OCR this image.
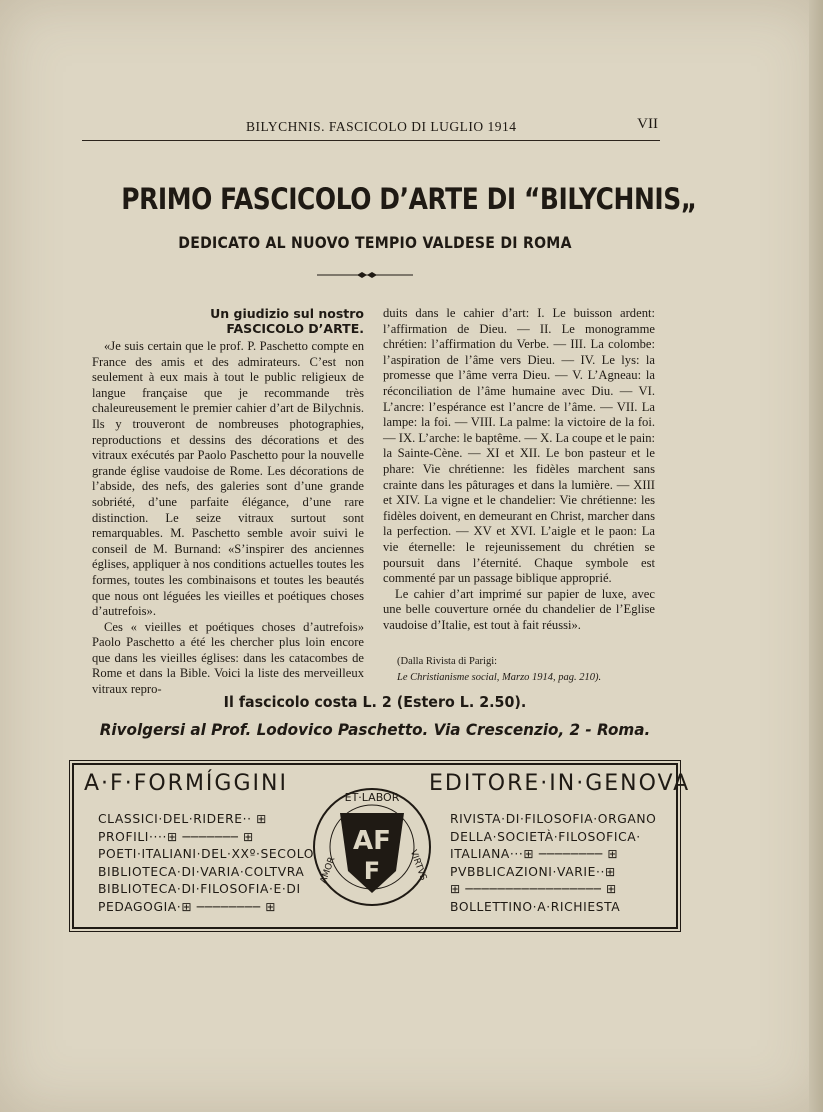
BILYCHNIS. FASCICOLO DI LUGLIO 1914	VII
PRIMO FASCICOLO D’ARTE DI “BILYCHNIS„
DEDICATO AL NUOVO TEMPIO VALDESE DI ROMA
Un giudizio sul nostro
FASCICOLO D’ARTE.

«Je suis certain que le prof. P. Paschetto compte en France des amis et des admirateurs. C’est non seulement à eux mais à tout le public religieux de langue française que je recommande très chaleureusement le premier cahier d’art de Bilychnis. Ils y trouveront de nombreuses photographies, reproductions et dessins des décorations et des vitraux exécutés par Paolo Paschetto pour la nouvelle grande église vaudoise de Rome. Les décorations de l’abside, des nefs, des galeries sont d’une grande sobriété, d’une parfaite élégance, d’une rare distinction. Le seize vitraux surtout sont remarquables. M. Paschetto semble avoir suivi le conseil de M. Burnand: «S’inspirer des anciennes églises, appliquer à nos conditions actuelles toutes les formes, toutes les combinaisons et toutes les beautés que nous ont léguées les vieilles et poétiques choses d’autrefois».

Ces « vieilles et poétiques choses d’autrefois» Paolo Paschetto a été les chercher plus loin encore que dans les vieilles églises: dans les catacombes de Rome et dans la Bible. Voici la liste des merveilleux vitraux repro-

duits dans le cahier d’art: I. Le buisson ardent: l’affirmation de Dieu. — II. Le monogramme chrétien: l’affirmation du Verbe. — III. La colombe: l’aspiration de l’âme vers Dieu. — IV. Le lys: la promesse que l’âme verra Dieu. — V. L’Agneau: la réconciliation de l’âme humaine avec Diu. — VI. L’ancre: l’espérance est l’ancre de l’âme. — VII. La lampe: la foi. — VIII. La palme: la victoire de la foi. — IX. L’arche: le baptême. — X. La coupe et le pain: la Sainte-Cène. — XI et XII. Le bon pasteur et le phare: Vie chrétienne: les fidèles marchent sans crainte dans les pâturages et dans la lumière. — XIII et XIV. La vigne et le chandelier: Vie chrétienne: les fidèles doivent, en demeurant en Christ, marcher dans la perfection. — XV et XVI. L’aigle et le paon: La vie éternelle: le rejeunissement du chrétien se poursuit dans l’éternité. Chaque symbole est commenté par un passage biblique approprié.

Le cahier d’art imprimé sur papier de luxe, avec une belle couverture ornée du chandelier de l’Eglise vaudoise d’Italie, est tout à fait réussi».

(Dalla Rivista di Parigi:
Le Christianisme social, Marzo 1914, pag. 210).
Il fascicolo costa L. 2 (Estero L. 2.50).
Rivolgersi al Prof. Lodovico Paschetto. Via Crescenzio, 2 - Roma.
A·F·FORMÍGGINI	EDITORE·IN·GENOVA
CLASSICI·DEL·RIDERE·· ⊞
PROFILI····⊞ ─────── ⊞
POETI·ITALIANI·DEL·XXº·SECOLO
BIBLIOTECA·DI·VARIA·COLTVRA
BIBLIOTECA·DI·FILOSOFIA·E·DI
PEDAGOGIA·⊞ ──────── ⊞
ET·LABOR
AMOR	VIRTVS
AF
F
RIVISTA·DI·FILOSOFIA·ORGANO
DELLA·SOCIETÀ·FILOSOFICA·
ITALIANA···⊞ ──────── ⊞
PVBBLICAZIONI·VARIE··⊞
⊞ ───────────────── ⊞
BOLLETTINO·A·RICHIESTA
